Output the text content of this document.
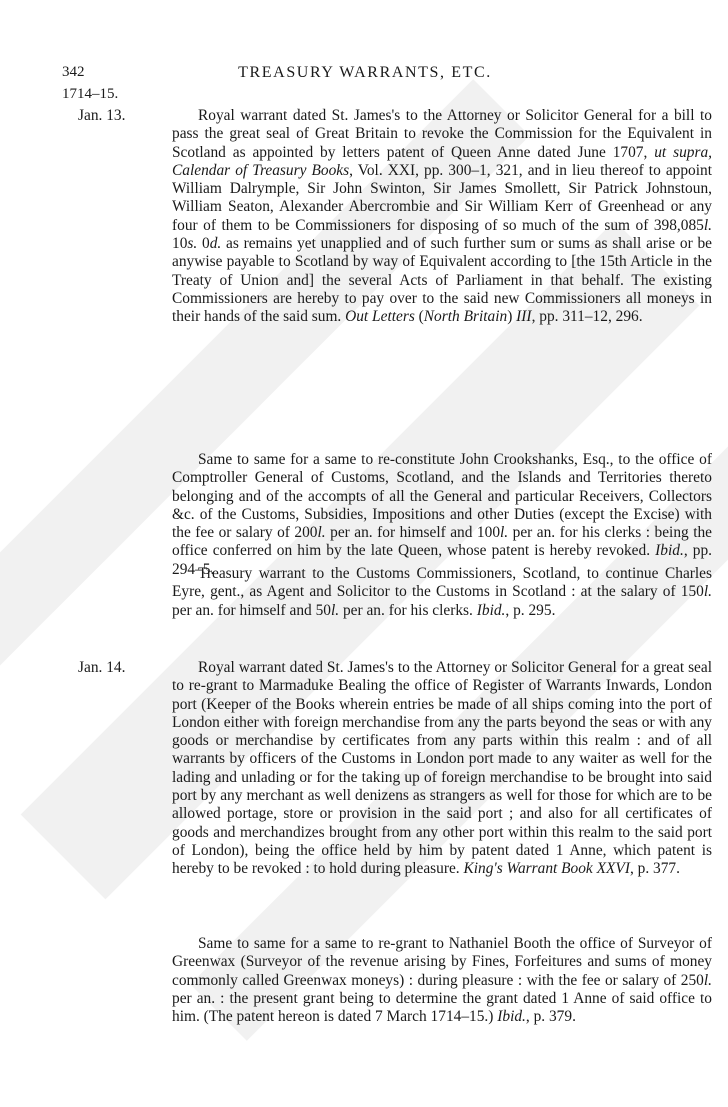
342	TREASURY WARRANTS, ETC.
1714–15.
Jan. 13.
Jan. 14.

Royal warrant dated St. James's to the Attorney or Solicitor General for a bill to pass the great seal of Great Britain to revoke the Commission for the Equivalent in Scotland as appointed by letters patent of Queen Anne dated June 1707, ut supra, Calendar of Treasury Books, Vol. XXI, pp. 300–1, 321, and in lieu thereof to appoint William Dalrymple, Sir John Swinton, Sir James Smollett, Sir Patrick Johnstoun, William Seaton, Alexander Abercrombie and Sir William Kerr of Greenhead or any four of them to be Commissioners for disposing of so much of the sum of 398,085l. 10s. 0d. as remains yet unapplied and of such further sum or sums as shall arise or be anywise payable to Scotland by way of Equivalent according to [the 15th Article in the Treaty of Union and] the several Acts of Parliament in that behalf. The existing Commissioners are hereby to pay over to the said new Commissioners all moneys in their hands of the said sum. Out Letters (North Britain) III, pp. 311–12, 296.

Same to same for a same to re-constitute John Crookshanks, Esq., to the office of Comptroller General of Customs, Scotland, and the Islands and Territories thereto belonging and of the accompts of all the General and particular Receivers, Collectors &c. of the Customs, Subsidies, Impositions and other Duties (except the Excise) with the fee or salary of 200l. per an. for himself and 100l. per an. for his clerks : being the office conferred on him by the late Queen, whose patent is hereby revoked. Ibid., pp. 294–5.

Treasury warrant to the Customs Commissioners, Scotland, to continue Charles Eyre, gent., as Agent and Solicitor to the Customs in Scotland : at the salary of 150l. per an. for himself and 50l. per an. for his clerks. Ibid., p. 295.

Royal warrant dated St. James's to the Attorney or Solicitor General for a great seal to re-grant to Marmaduke Bealing the office of Register of Warrants Inwards, London port (Keeper of the Books wherein entries be made of all ships coming into the port of London either with foreign merchandise from any the parts beyond the seas or with any goods or merchandise by certificates from any parts within this realm : and of all warrants by officers of the Customs in London port made to any waiter as well for the lading and unlading or for the taking up of foreign merchandise to be brought into said port by any merchant as well denizens as strangers as well for those for which are to be allowed portage, store or provision in the said port ; and also for all certificates of goods and merchandizes brought from any other port within this realm to the said port of London), being the office held by him by patent dated 1 Anne, which patent is hereby to be revoked : to hold during pleasure. King's Warrant Book XXVI, p. 377.

Same to same for a same to re-grant to Nathaniel Booth the office of Surveyor of Greenwax (Surveyor of the revenue arising by Fines, Forfeitures and sums of money commonly called Greenwax moneys) : during pleasure : with the fee or salary of 250l. per an. : the present grant being to determine the grant dated 1 Anne of said office to him. (The patent hereon is dated 7 March 1714–15.) Ibid., p. 379.
